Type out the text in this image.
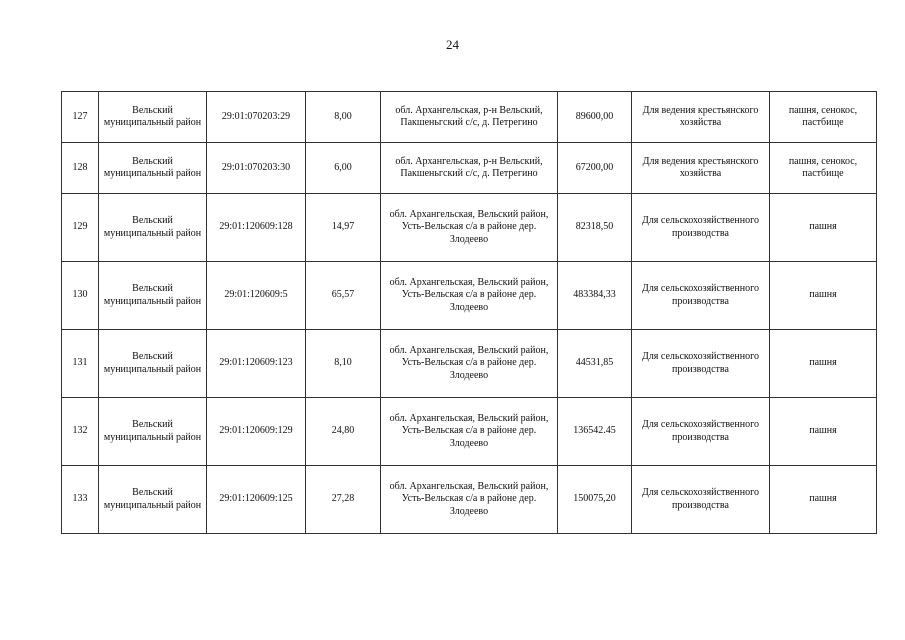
24
127	Вельский муниципальный район	29:01:070203:29	8,00	обл. Архангельская, р-н Вельский, Пакшеньгский с/с, д. Петрегино	89600,00	Для ведения крестьянского хозяйства	пашня, сенокос, пастбище
128	Вельский муниципальный район	29:01:070203:30	6,00	обл. Архангельская, р-н Вельский, Пакшеньгский с/с, д. Петрегино	67200,00	Для ведения крестьянского хозяйства	пашня, сенокос, пастбище
129	Вельский муниципальный район	29:01:120609:128	14,97	обл. Архангельская, Вельский район, Усть-Вельская с/а в районе дер. Злодеево	82318,50	Для сельскохозяйственного производства	пашня
130	Вельский муниципальный район	29:01:120609:5	65,57	обл. Архангельская, Вельский район, Усть-Вельская с/а в районе дер. Злодеево	483384,33	Для сельскохозяйственного производства	пашня
131	Вельский муниципальный район	29:01:120609:123	8,10	обл. Архангельская, Вельский район, Усть-Вельская с/а в районе дер. Злодеево	44531,85	Для сельскохозяйственного производства	пашня
132	Вельский муниципальный район	29:01:120609:129	24,80	обл. Архангельская, Вельский район, Усть-Вельская с/а в районе дер. Злодеево	136542.45	Для сельскохозяйственного производства	пашня
133	Вельский муниципальный район	29:01:120609:125	27,28	обл. Архангельская, Вельский район, Усть-Вельская с/а в районе дер. Злодеево	150075,20	Для сельскохозяйственного производства	пашня
